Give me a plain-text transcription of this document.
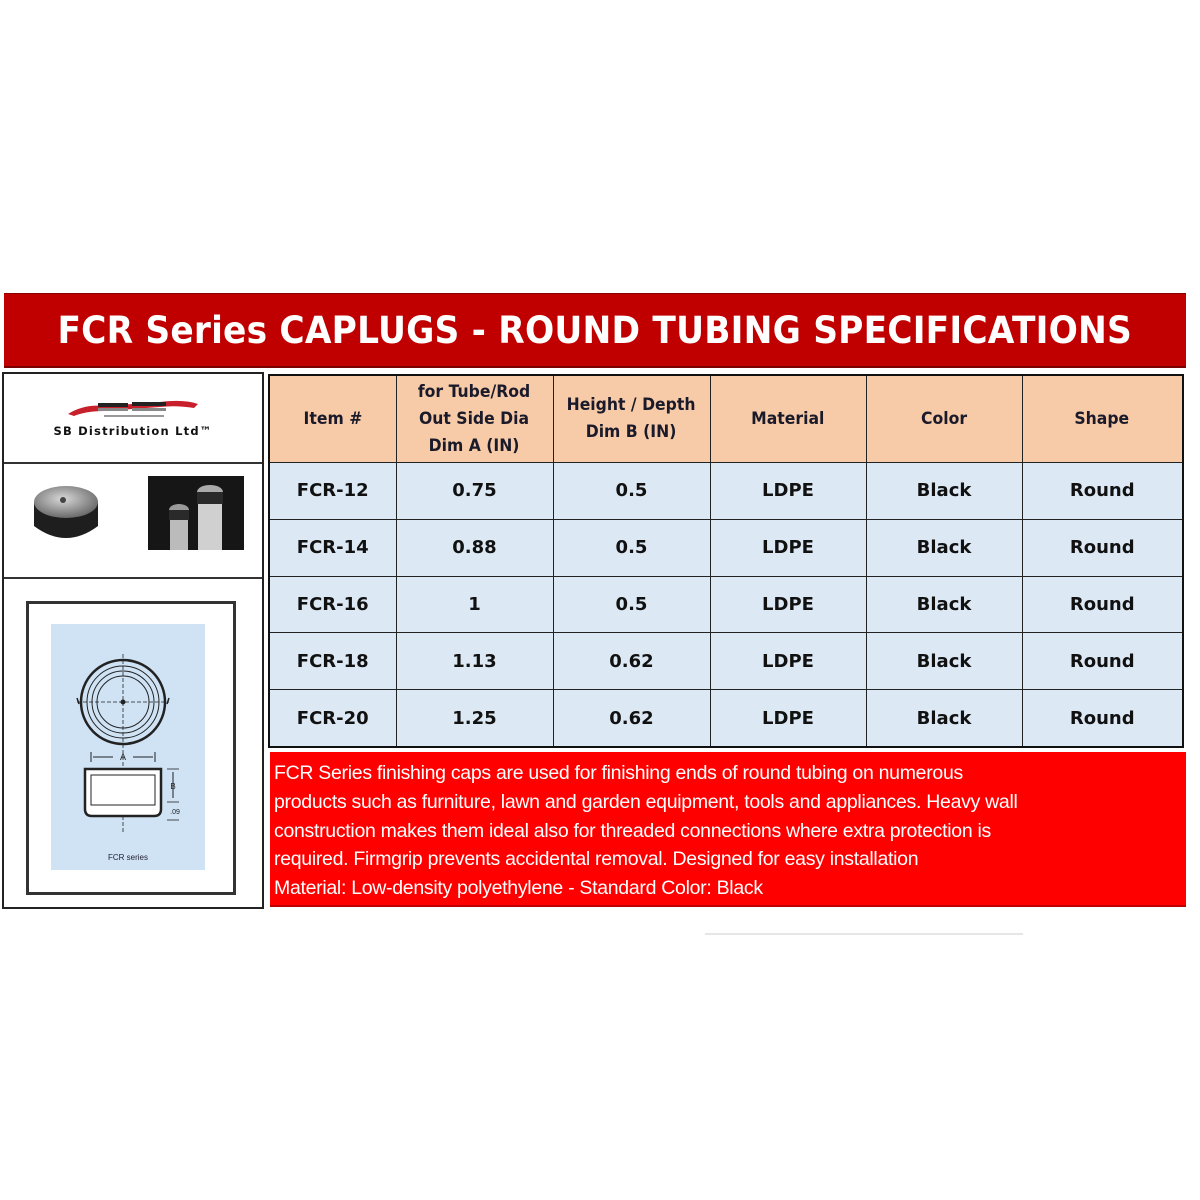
FCR Series CAPLUGS - ROUND TUBING SPECIFICATIONS
SB Distribution Ltd™
A
B
.09
FCR series
Item #	for Tube/Rod
Out Side Dia
Dim A (IN)	Height / Depth
Dim B (IN)	Material	Color	Shape
FCR-12	0.75	0.5	LDPE	Black	Round
FCR-14	0.88	0.5	LDPE	Black	Round
FCR-16	1	0.5	LDPE	Black	Round
FCR-18	1.13	0.62	LDPE	Black	Round
FCR-20	1.25	0.62	LDPE	Black	Round

FCR Series finishing caps are used for finishing ends of round tubing on numerous
products such as furniture, lawn and garden equipment, tools and appliances. Heavy wall
construction makes them ideal also for threaded connections where extra protection is
required. Firmgrip prevents accidental removal. Designed for easy installation
Material: Low-density polyethylene - Standard Color: Black
